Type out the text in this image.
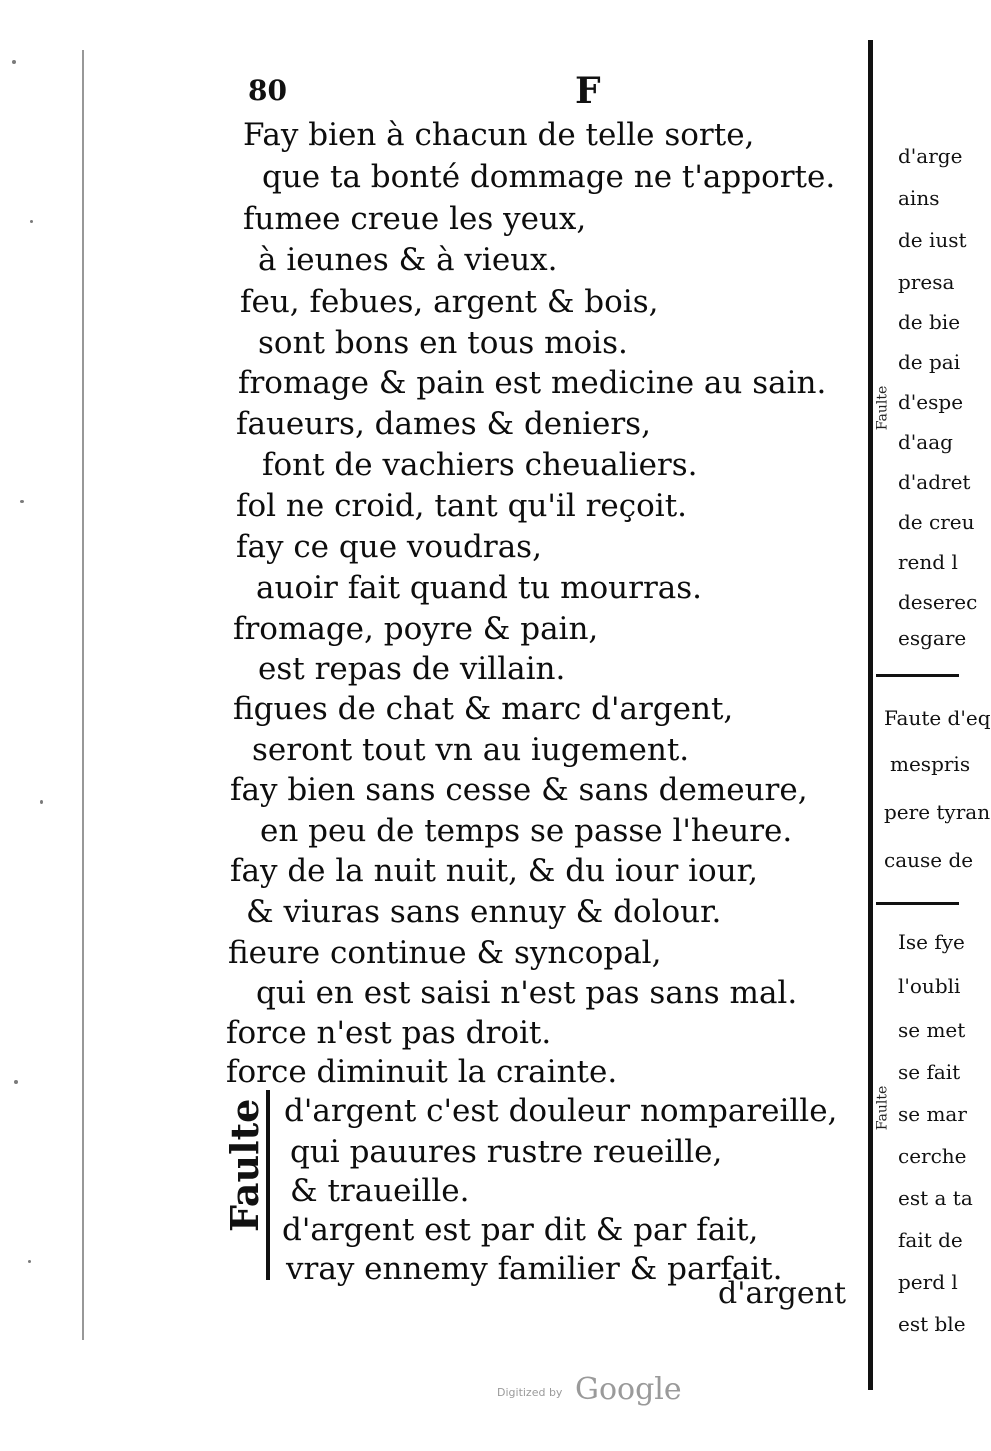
80	F
Fay bien à chacun de telle sorte,
que ta bonté dommage ne t'apporte.
fumee creue les yeux,
à ieunes & à vieux.
feu, febues, argent & bois,
sont bons en tous mois.
fromage & pain est medicine au sain.
faueurs, dames & deniers,
font de vachiers cheualiers.
fol ne croid, tant qu'il reçoit.
fay ce que voudras,
auoir fait quand tu mourras.
fromage, poyre & pain,
est repas de villain.
figues de chat & marc d'argent,
seront tout vn au iugement.
fay bien sans cesse & sans demeure,
en peu de temps se passe l'heure.
fay de la nuit nuit, & du iour iour,
& viuras sans ennuy & dolour.
fieure continue & syncopal,
qui en est saisi n'est pas sans mal.
force n'est pas droit.
force diminuit la crainte.
Faulte d'argent c'est douleur nompareille,
qui pauures rustre reueille,
& traueille.
d'argent est par dit & par fait,
vray ennemy familier & parfait.
d'argent
d'arge
ains
de iust
presa
de bie
de pai
d'espe
d'aag
d'adret
de creu
rend l
deserec
esgare
Faute d'eq
mespris
pere tyran
cause de
Ise fye
l'oubli
se met
se fait
se mar
cerche
est a ta
fait de
perd l
est ble
Faulte
Faulte
Digitized by Google
